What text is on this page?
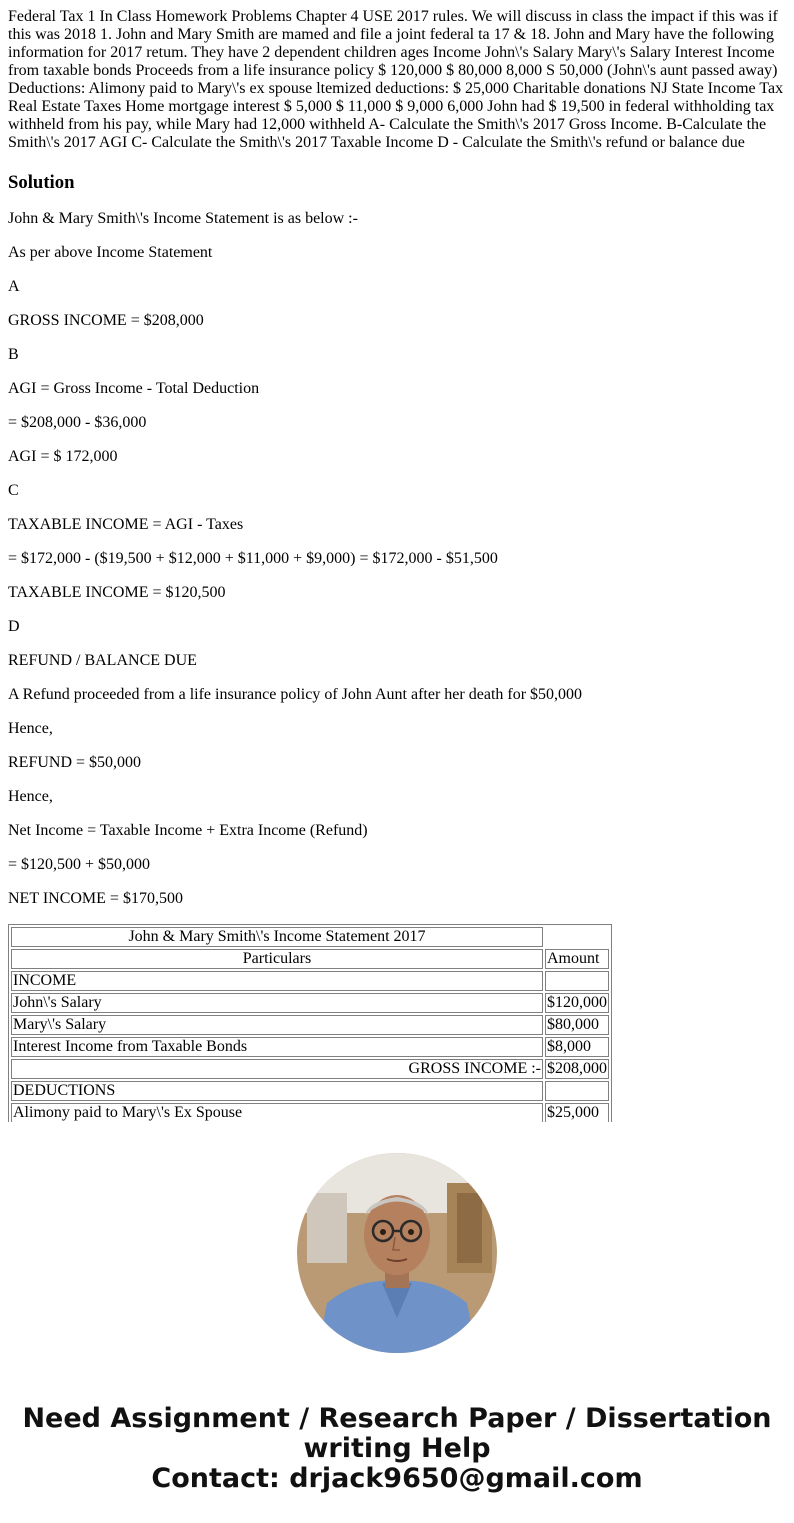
Federal Tax 1 In Class Homework Problems Chapter 4 USE 2017 rules. We will discuss in class the impact if this was if this was 2018 1. John and Mary Smith are mamed and file a joint federal ta 17 & 18. John and Mary have the following information for 2017 retum. They have 2 dependent children ages Income John\'s Salary Mary\'s Salary Interest Income from taxable bonds Proceeds from a life insurance policy $ 120,000 $ 80,000 8,000 S 50,000 (John\'s aunt passed away) Deductions: Alimony paid to Mary\'s ex spouse ltemized deductions: $ 25,000 Charitable donations NJ State Income Tax Real Estate Taxes Home mortgage interest $ 5,000 $ 11,000 $ 9,000 6,000 John had $ 19,500 in federal withholding tax withheld from his pay, while Mary had 12,000 withheld A- Calculate the Smith\'s 2017 Gross Income. B-Calculate the Smith\'s 2017 AGI C- Calculate the Smith\'s 2017 Taxable Income D - Calculate the Smith\'s refund or balance due
Solution

John & Mary Smith\'s Income Statement is as below :-

As per above Income Statement

A

GROSS INCOME = $208,000

B

AGI = Gross Income - Total Deduction

= $208,000 - $36,000

AGI = $ 172,000

C

TAXABLE INCOME = AGI - Taxes

= $172,000 - ($19,500 + $12,000 + $11,000 + $9,000) = $172,000 - $51,500

TAXABLE INCOME = $120,500

D

REFUND / BALANCE DUE

A Refund proceeded from a life insurance policy of John Aunt after her death for $50,000

Hence,

REFUND = $50,000

Hence,

Net Income = Taxable Income + Extra Income (Refund)

= $120,500 + $50,000

NET INCOME = $170,500

John & Mary Smith\'s Income Statement 2017	
Particulars	Amount
INCOME	
John\'s Salary	$120,000
Mary\'s Salary	$80,000
Interest Income from Taxable Bonds	$8,000
GROSS INCOME :-	$208,000
DEDUCTIONS	
Alimony paid to Mary\'s Ex Spouse	$25,000
Need Assignment / Research Paper / Dissertation
writing Help
Contact: drjack9650@gmail.com
